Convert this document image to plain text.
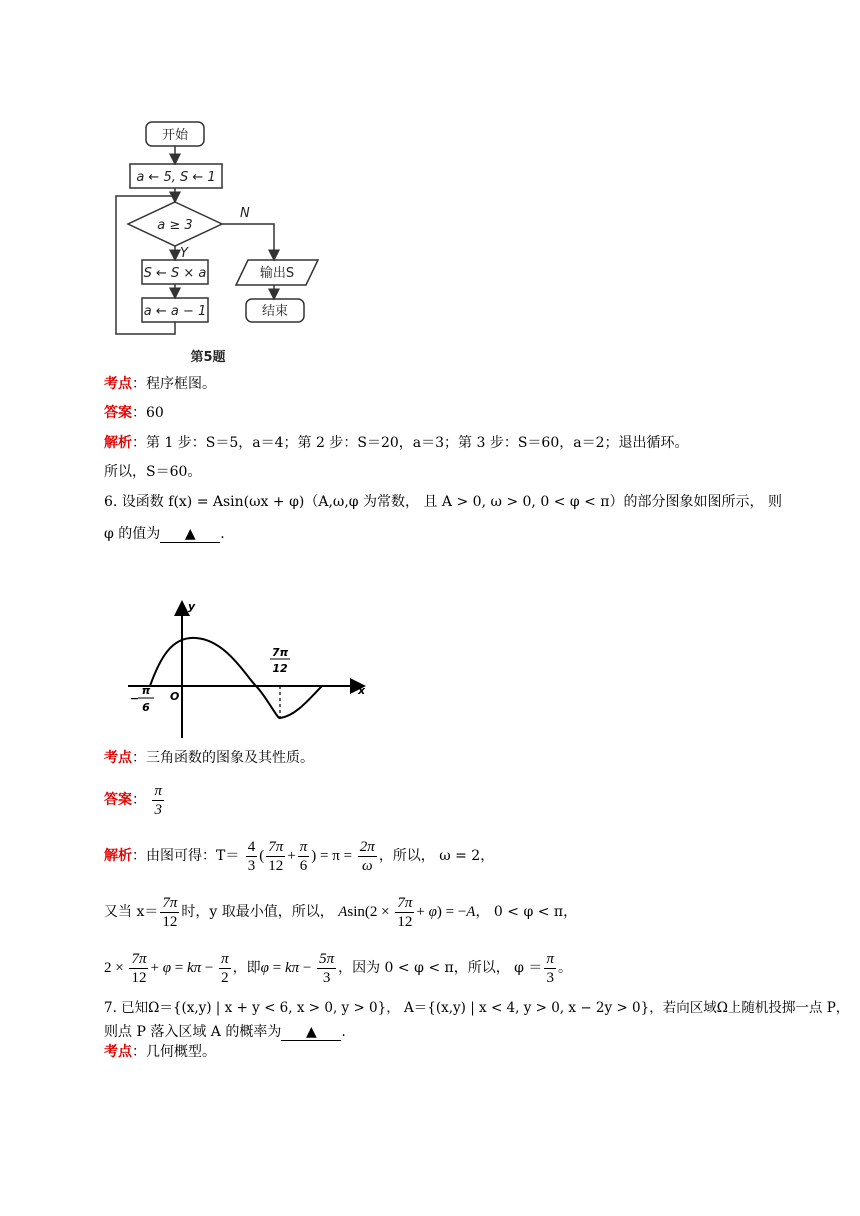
开始
a ← 5, S ← 1
a ≥ 3
N
Y
S ← S × a
a ← a − 1
输出S
结束
第5题
考点：程序框图。
答案：60
解析：第 1 步：S＝5，a＝4；第 2 步：S＝20，a＝3；第 3 步：S＝60，a＝2；退出循环。
所以，S＝60。
6. 设函数 f(x) = Asin(ωx + φ)（A,ω,φ 为常数， 且 A > 0, ω > 0, 0 < φ < π）的部分图象如图所示， 则
φ 的值为 ▲ .
y
x
O
−
π
6
7π
12
考点：三角函数的图象及其性质。
答案： $\frac{\pi}{3}$
解析：由图可得：$T= \frac{4}{3}$ ( $\frac{7\pi}{12} + \frac{\pi}{6}$ ) = $\pi = \frac{2\pi}{\omega}$ ，所以， ω = 2，
又当 $x= \frac{7\pi}{12}$ 时，y 取最小值，所以， $Asin(2 \times \frac{7\pi}{12} + \varphi) = -A$， 0 < φ < π，
$2 \times \frac{7\pi}{12} + \varphi = k\pi - \frac{\pi}{2}$ ，即$\varphi = k\pi - \frac{5\pi}{3}$ ，因为 0 < φ < π，所以， $\varphi = \frac{\pi}{3}$ 。
7. 已知Ω＝{(x,y) | x + y < 6, x > 0, y > 0}， A＝{(x,y) | x < 4, y > 0, x − 2y > 0}，若向区域Ω上随机投掷一点 P，
则点 P 落入区域 A 的概率为 ▲ .
考点：几何概型。
